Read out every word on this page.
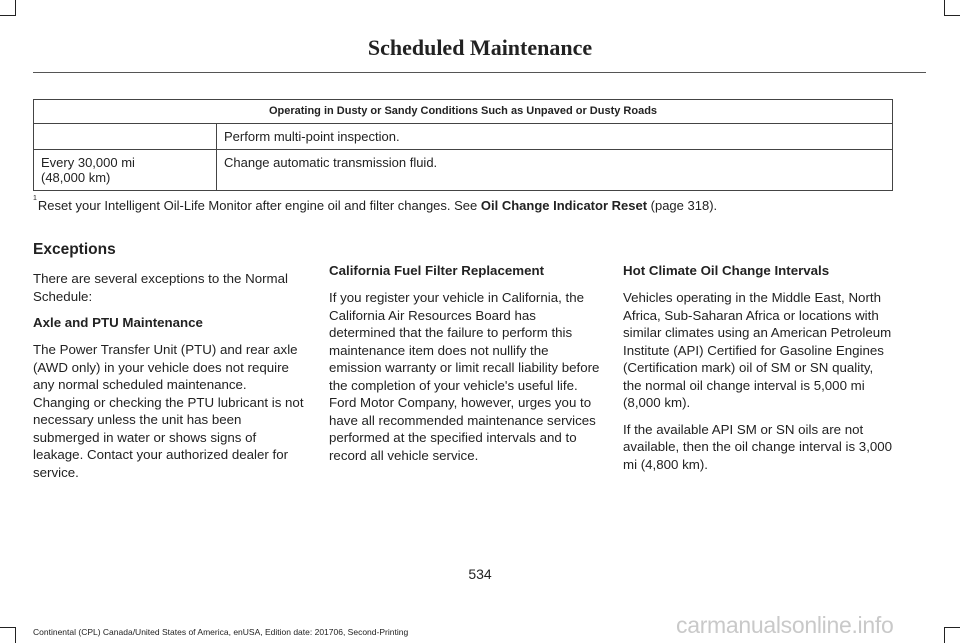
Scheduled Maintenance
Operating in Dusty or Sandy Conditions Such as Unpaved or Dusty Roads	
	Perform multi-point inspection.
Every 30,000 mi
(48,000 km)	Change automatic transmission fluid.
$^1$Reset your Intelligent Oil-Life Monitor after engine oil and filter changes. See Oil Change Indicator Reset (page 318).
Exceptions

There are several exceptions to the Normal Schedule:

Axle and PTU Maintenance

The Power Transfer Unit (PTU) and rear axle (AWD only) in your vehicle does not require any normal scheduled maintenance. Changing or checking the PTU lubricant is not necessary unless the unit has been submerged in water or shows signs of leakage. Contact your authorized dealer for service.

California Fuel Filter Replacement

If you register your vehicle in California, the California Air Resources Board has determined that the failure to perform this maintenance item does not nullify the emission warranty or limit recall liability before the completion of your vehicle's useful life. Ford Motor Company, however, urges you to have all recommended maintenance services performed at the specified intervals and to record all vehicle service.

Hot Climate Oil Change Intervals

Vehicles operating in the Middle East, North Africa, Sub-Saharan Africa or locations with similar climates using an American Petroleum Institute (API) Certified for Gasoline Engines (Certification mark) oil of SM or SN quality, the normal oil change interval is 5,000 mi (8,000 km).

If the available API SM or SN oils are not available, then the oil change interval is 3,000 mi (4,800 km).

534
Continental (CPL) Canada/United States of America, enUSA, Edition date: 201706, Second-Printing	carmanualsonline.info
